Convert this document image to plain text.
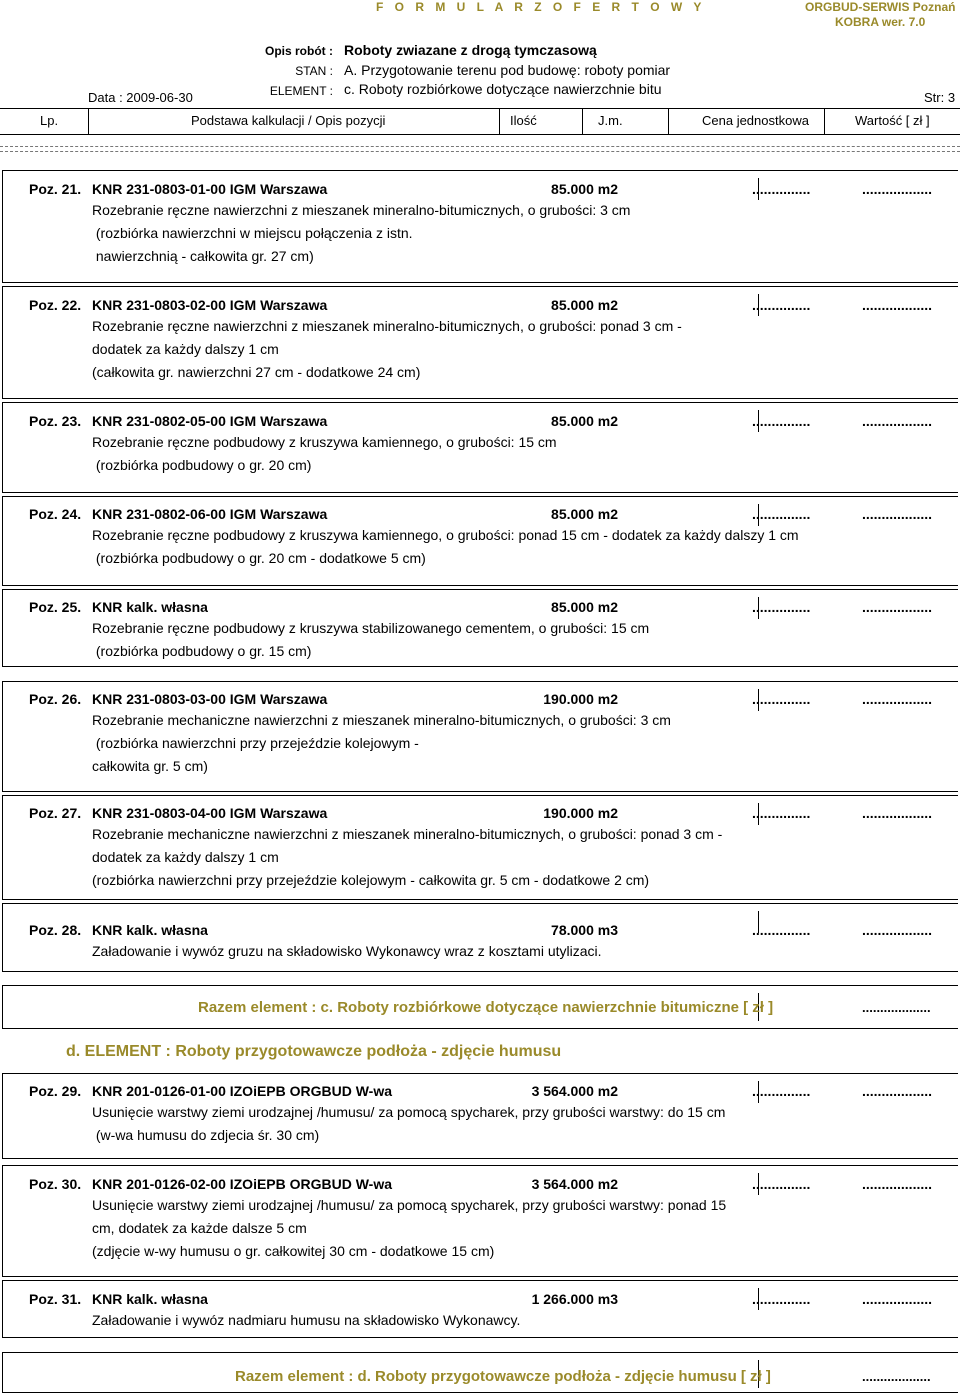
F O R M U L A R Z O F E R T O W Y	ORGBUD-SERWIS Poznań
KOBRA wer. 7.0
Opis robót : Roboty zwiazane z drogą tymczasową
STAN : A. Przygotowanie terenu pod budowę: roboty pomiar
ELEMENT : c. Roboty rozbiórkowe dotyczące nawierzchnie bitu
Data : 2009-06-30	Str: 3
Lp.	Podstawa kalkulacji / Opis pozycji	Ilość	J.m.	Cena jednostkowa	Wartość [ zł ]
Poz. 21. KNR 231-0803-01-00 IGM Warszawa	85.000 m2	...............	..................
Rozebranie ręczne nawierzchni z mieszanek mineralno-bitumicznych, o grubości: 3 cm
(rozbiórka nawierzchni w miejscu połączenia z istn.
nawierzchnią - całkowita gr. 27 cm)
Poz. 22. KNR 231-0803-02-00 IGM Warszawa	85.000 m2	...............	..................
Rozebranie ręczne nawierzchni z mieszanek mineralno-bitumicznych, o grubości: ponad 3 cm -
dodatek za każdy dalszy 1 cm
(całkowita gr. nawierzchni 27 cm - dodatkowe 24 cm)
Poz. 23. KNR 231-0802-05-00 IGM Warszawa	85.000 m2	...............	..................
Rozebranie ręczne podbudowy z kruszywa kamiennego, o grubości: 15 cm
(rozbiórka podbudowy o gr. 20 cm)
Poz. 24. KNR 231-0802-06-00 IGM Warszawa	85.000 m2	...............	..................
Rozebranie ręczne podbudowy z kruszywa kamiennego, o grubości: ponad 15 cm - dodatek za każdy dalszy 1 cm
(rozbiórka podbudowy o gr. 20 cm - dodatkowe 5 cm)
Poz. 25. KNR kalk. własna	85.000 m2	...............	..................
Rozebranie ręczne podbudowy z kruszywa stabilizowanego cementem, o grubości: 15 cm
(rozbiórka podbudowy o gr. 15 cm)
Poz. 26. KNR 231-0803-03-00 IGM Warszawa	190.000 m2	...............	..................
Rozebranie mechaniczne nawierzchni z mieszanek mineralno-bitumicznych, o grubości: 3 cm
(rozbiórka nawierzchni przy przejeździe kolejowym -
całkowita gr. 5 cm)
Poz. 27. KNR 231-0803-04-00 IGM Warszawa	190.000 m2	...............	..................
Rozebranie mechaniczne nawierzchni z mieszanek mineralno-bitumicznych, o grubości: ponad 3 cm -
dodatek za każdy dalszy 1 cm
(rozbiórka nawierzchni przy przejeździe kolejowym - całkowita gr. 5 cm - dodatkowe 2 cm)
Poz. 28. KNR kalk. własna	78.000 m3	...............	..................
Załadowanie i wywóz gruzu na składowisko Wykonawcy wraz z kosztami utylizaci.
Poz. 29. KNR 201-0126-01-00 IZOiEPB ORGBUD W-wa	3 564.000 m2	...............	..................
Usunięcie warstwy ziemi urodzajnej /humusu/ za pomocą spycharek, przy grubości warstwy: do 15 cm
(w-wa humusu do zdjecia śr. 30 cm)
Poz. 30. KNR 201-0126-02-00 IZOiEPB ORGBUD W-wa	3 564.000 m2	...............	..................
Usunięcie warstwy ziemi urodzajnej /humusu/ za pomocą spycharek, przy grubości warstwy: ponad 15
cm, dodatek za każde dalsze 5 cm
(zdjęcie w-wy humusu o gr. całkowitej 30 cm - dodatkowe 15 cm)
Poz. 31. KNR kalk. własna	1 266.000 m3	...............	..................
Załadowanie i wywóz nadmiaru humusu na składowisko Wykonawcy.
Razem element : c. Roboty rozbiórkowe dotyczące nawierzchnie bitumiczne [ zł ]	...................
d. ELEMENT : Roboty przygotowawcze podłoża - zdjęcie humusu
Razem element : d. Roboty przygotowawcze podłoża - zdjęcie humusu [ zł ]	...................
